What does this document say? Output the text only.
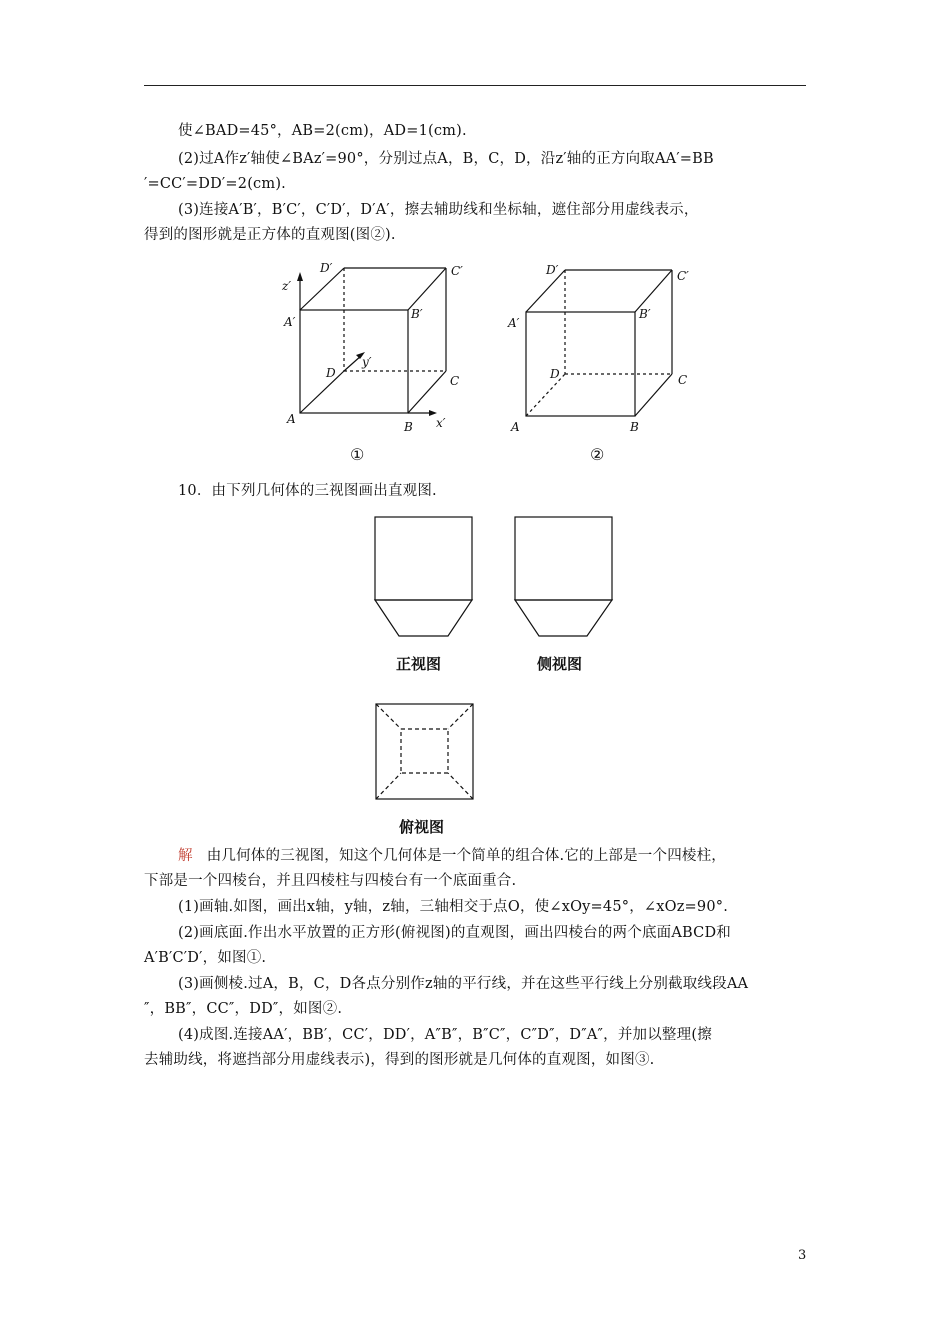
使∠BAD=45°，AB=2(cm)，AD=1(cm).
(2)过A作z′轴使∠BAz′=90°，分别过点A，B，C，D，沿z′轴的正方向取AA′=BB
′=CC′=DD′=2(cm).
(3)连接A′B′，B′C′，C′D′，D′A′，擦去辅助线和坐标轴，遮住部分用虚线表示，
得到的图形就是正方体的直观图(图②).
D′	C′
A′
B′
z′
y′
D
C
A
B x′
D′	C′
A′
B′
D	C
A	B
①	②
10．由下列几何体的三视图画出直观图.
正视图	侧视图
俯视图
解 由几何体的三视图，知这个几何体是一个简单的组合体.它的上部是一个四棱柱，
下部是一个四棱台，并且四棱柱与四棱台有一个底面重合.
(1)画轴.如图，画出x轴，y轴，z轴，三轴相交于点O，使∠xOy=45°，∠xOz=90°.
(2)画底面.作出水平放置的正方形(俯视图)的直观图，画出四棱台的两个底面ABCD和
A′B′C′D′，如图①.
(3)画侧棱.过A，B，C，D各点分别作z轴的平行线，并在这些平行线上分别截取线段AA
″，BB″，CC″，DD″，如图②.
(4)成图.连接AA′，BB′，CC′，DD′，A″B″，B″C″，C″D″，D″A″，并加以整理(擦
去辅助线，将遮挡部分用虚线表示)，得到的图形就是几何体的直观图，如图③.
3
